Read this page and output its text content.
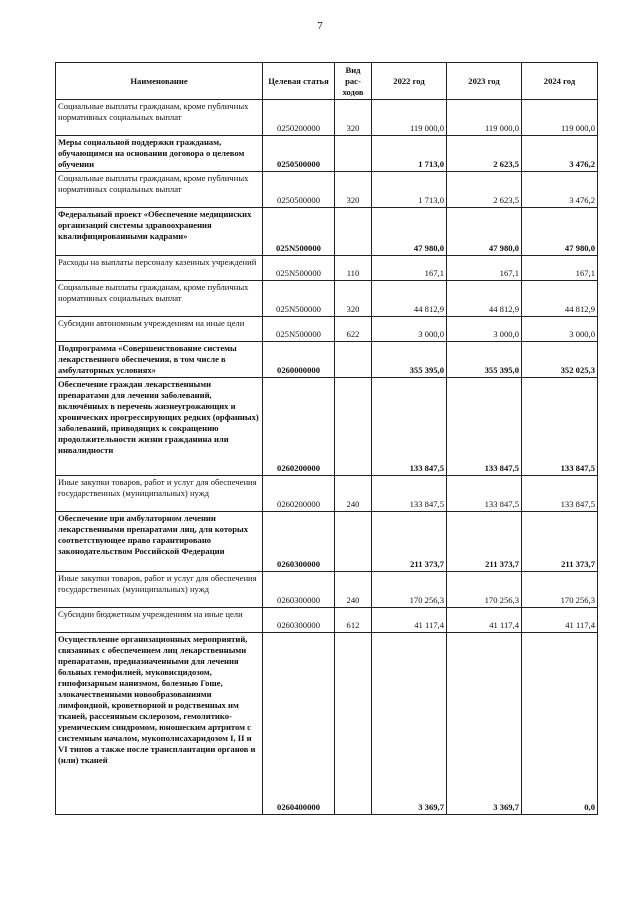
7
Наименование	Целевая статья	Вид рас-ходов	2022 год	2023 год	2024 год
Социальные выплаты гражданам, кроме публичных нормативных социальных выплат	0250200000	320	119 000,0	119 000,0	119 000,0
Меры социальной поддержки гражданам, обучающимся на основании договора о целевом обучении	0250500000		1 713,0	2 623,5	3 476,2
Социальные выплаты гражданам, кроме публичных нормативных социальных выплат	0250500000	320	1 713,0	2 623,5	3 476,2
Федеральный проект «Обеспечение медицинских организаций системы здравоохранения квалифицированными кадрами»	025N500000		47 980,0	47 980,0	47 980,0
Расходы на выплаты персоналу казенных учреждений	025N500000	110	167,1	167,1	167,1
Социальные выплаты гражданам, кроме публичных нормативных социальных выплат	025N500000	320	44 812,9	44 812,9	44 812,9
Субсидии автономным учреждениям на иные цели	025N500000	622	3 000,0	3 000,0	3 000,0
Подпрограмма «Совершенствование системы лекарственного обеспечения, в том числе в амбулаторных условиях»	0260000000		355 395,0	355 395,0	352 025,3
Обеспечение граждан лекарственными препаратами для лечения заболеваний, включённых в перечень жизнеугрожающих и хронических прогрессирующих редких (орфанных) заболеваний, приводящих к сокращению продолжительности жизни гражданина или инвалидности	0260200000		133 847,5	133 847,5	133 847,5
Иные закупки товаров, работ и услуг для обеспечения государственных (муниципальных) нужд	0260200000	240	133 847,5	133 847,5	133 847,5
Обеспечение при амбулаторном лечении лекарственными препаратами лиц, для которых соответствующее право гарантировано законодательством Российской Федерации	0260300000		211 373,7	211 373,7	211 373,7
Иные закупки товаров, работ и услуг для обеспечения государственных (муниципальных) нужд	0260300000	240	170 256,3	170 256,3	170 256,3
Субсидии бюджетным учреждениям на иные цели	0260300000	612	41 117,4	41 117,4	41 117,4
Осуществление организационных мероприятий, связанных с обеспечением лиц лекарственными препаратами, предназначенными для лечения больных гемофилией, муковисцидозом, гипофизарным нанизмом, болезнью Гоше, злокачественными новообразованиями лимфоидной, кроветворной и родственных им тканей, рассеянным склерозом, гемолитико-уремическим синдромом, юношеским артритом с системным началом, мукополисахаридозом I, II и VI типов а также после трансплантации органов и (или) тканей	0260400000		3 369,7	3 369,7	0,0
